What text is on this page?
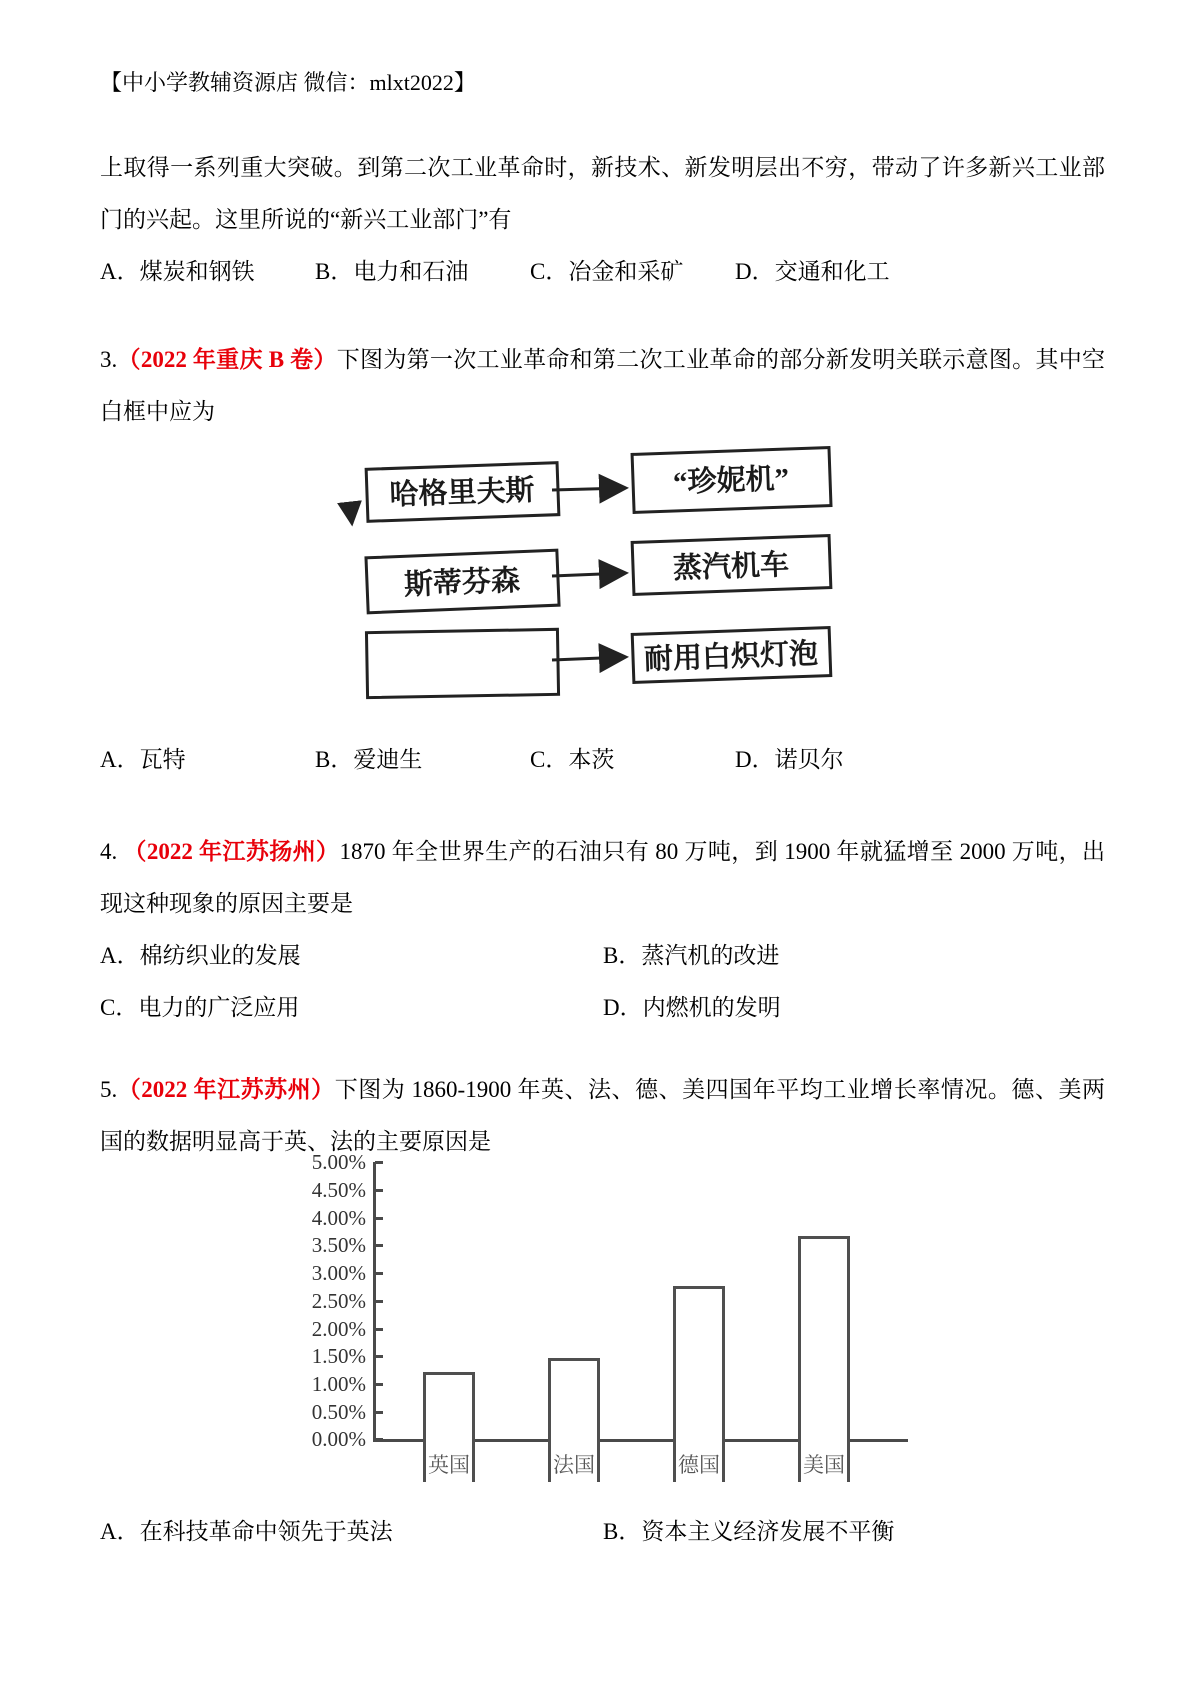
【中小学教辅资源店 微信：mlxt2022】

上取得一系列重大突破。到第二次工业革命时，新技术、新发明层出不穷，带动了许多新兴工业部门的兴起。这里所说的“新兴工业部门”有

A．煤炭和钢铁	B．电力和石油	C．冶金和采矿 D．交通和化工

3.（2022 年重庆 B 卷）下图为第一次工业革命和第二次工业革命的部分新发明关联示意图。其中空白框中应为

哈格里夫斯	“珍妮机”
斯蒂芬森	蒸汽机车
耐用白炽灯泡
A．瓦特	B．爱迪生	C．本茨	D．诺贝尔

4. （2022 年江苏扬州）1870 年全世界生产的石油只有 80 万吨，到 1900 年就猛增至 2000 万吨，出现这种现象的原因主要是

A．棉纺织业的发展	B．蒸汽机的改进
C．电力的广泛应用	D．内燃机的发明

5.（2022 年江苏苏州）下图为 1860-1900 年英、法、德、美四国年平均工业增长率情况。德、美两国的数据明显高于英、法的主要原因是

5.00%
4.50%
4.00%
3.50%
3.00%
2.50%
2.00%
1.50%
1.00%
0.50%
0.00%
英国	法国	德国	美国
A．在科技革命中领先于英法	B．资本主义经济发展不平衡
